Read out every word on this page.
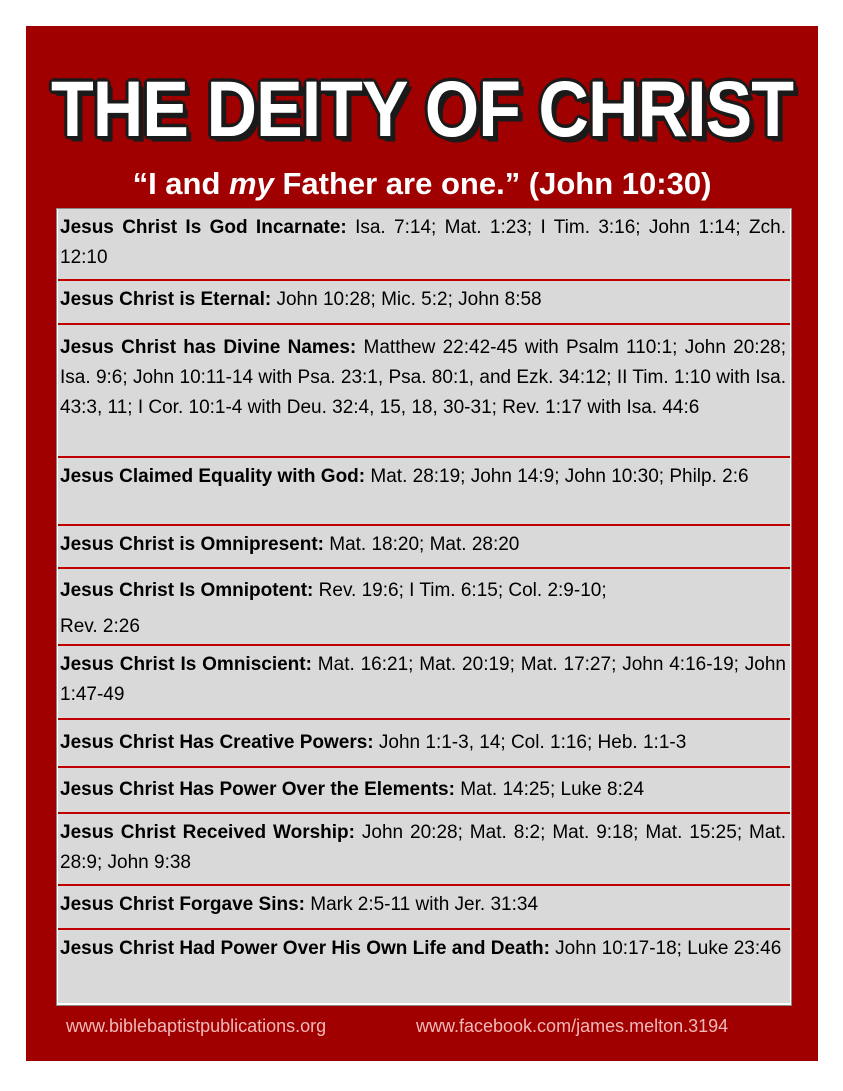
THE DEITY OF CHRIST
“I and my Father are one.” (John 10:30)
Jesus Christ Is God Incarnate: Isa. 7:14; Mat. 1:23; I Tim. 3:16; John 1:14; Zch. 12:10
Jesus Christ is Eternal: John 10:28; Mic. 5:2; John 8:58
Jesus Christ has Divine Names: Matthew 22:42-45 with Psalm 110:1; John 20:28; Isa. 9:6; John 10:11-14 with Psa. 23:1, Psa. 80:1, and Ezk. 34:12; II Tim. 1:10 with Isa. 43:3, 11; I Cor. 10:1-4 with Deu. 32:4, 15, 18, 30-31; Rev. 1:17 with Isa. 44:6
Jesus Claimed Equality with God: Mat. 28:19; John 14:9; John 10:30; Philp. 2:6
Jesus Christ is Omnipresent: Mat. 18:20; Mat. 28:20
Jesus Christ Is Omnipotent: Rev. 19:6; I Tim. 6:15; Col. 2:9-10;
Rev. 2:26
Jesus Christ Is Omniscient: Mat. 16:21; Mat. 20:19; Mat. 17:27; John 4:16-19; John 1:47-49
Jesus Christ Has Creative Powers: John 1:1-3, 14; Col. 1:16; Heb. 1:1-3
Jesus Christ Has Power Over the Elements: Mat. 14:25; Luke 8:24
Jesus Christ Received Worship: John 20:28; Mat. 8:2; Mat. 9:18; Mat. 15:25; Mat. 28:9; John 9:38
Jesus Christ Forgave Sins: Mark 2:5-11 with Jer. 31:34
Jesus Christ Had Power Over His Own Life and Death: John 10:17-18; Luke 23:46
www.biblebaptistpublications.org	www.facebook.com/james.melton.3194
